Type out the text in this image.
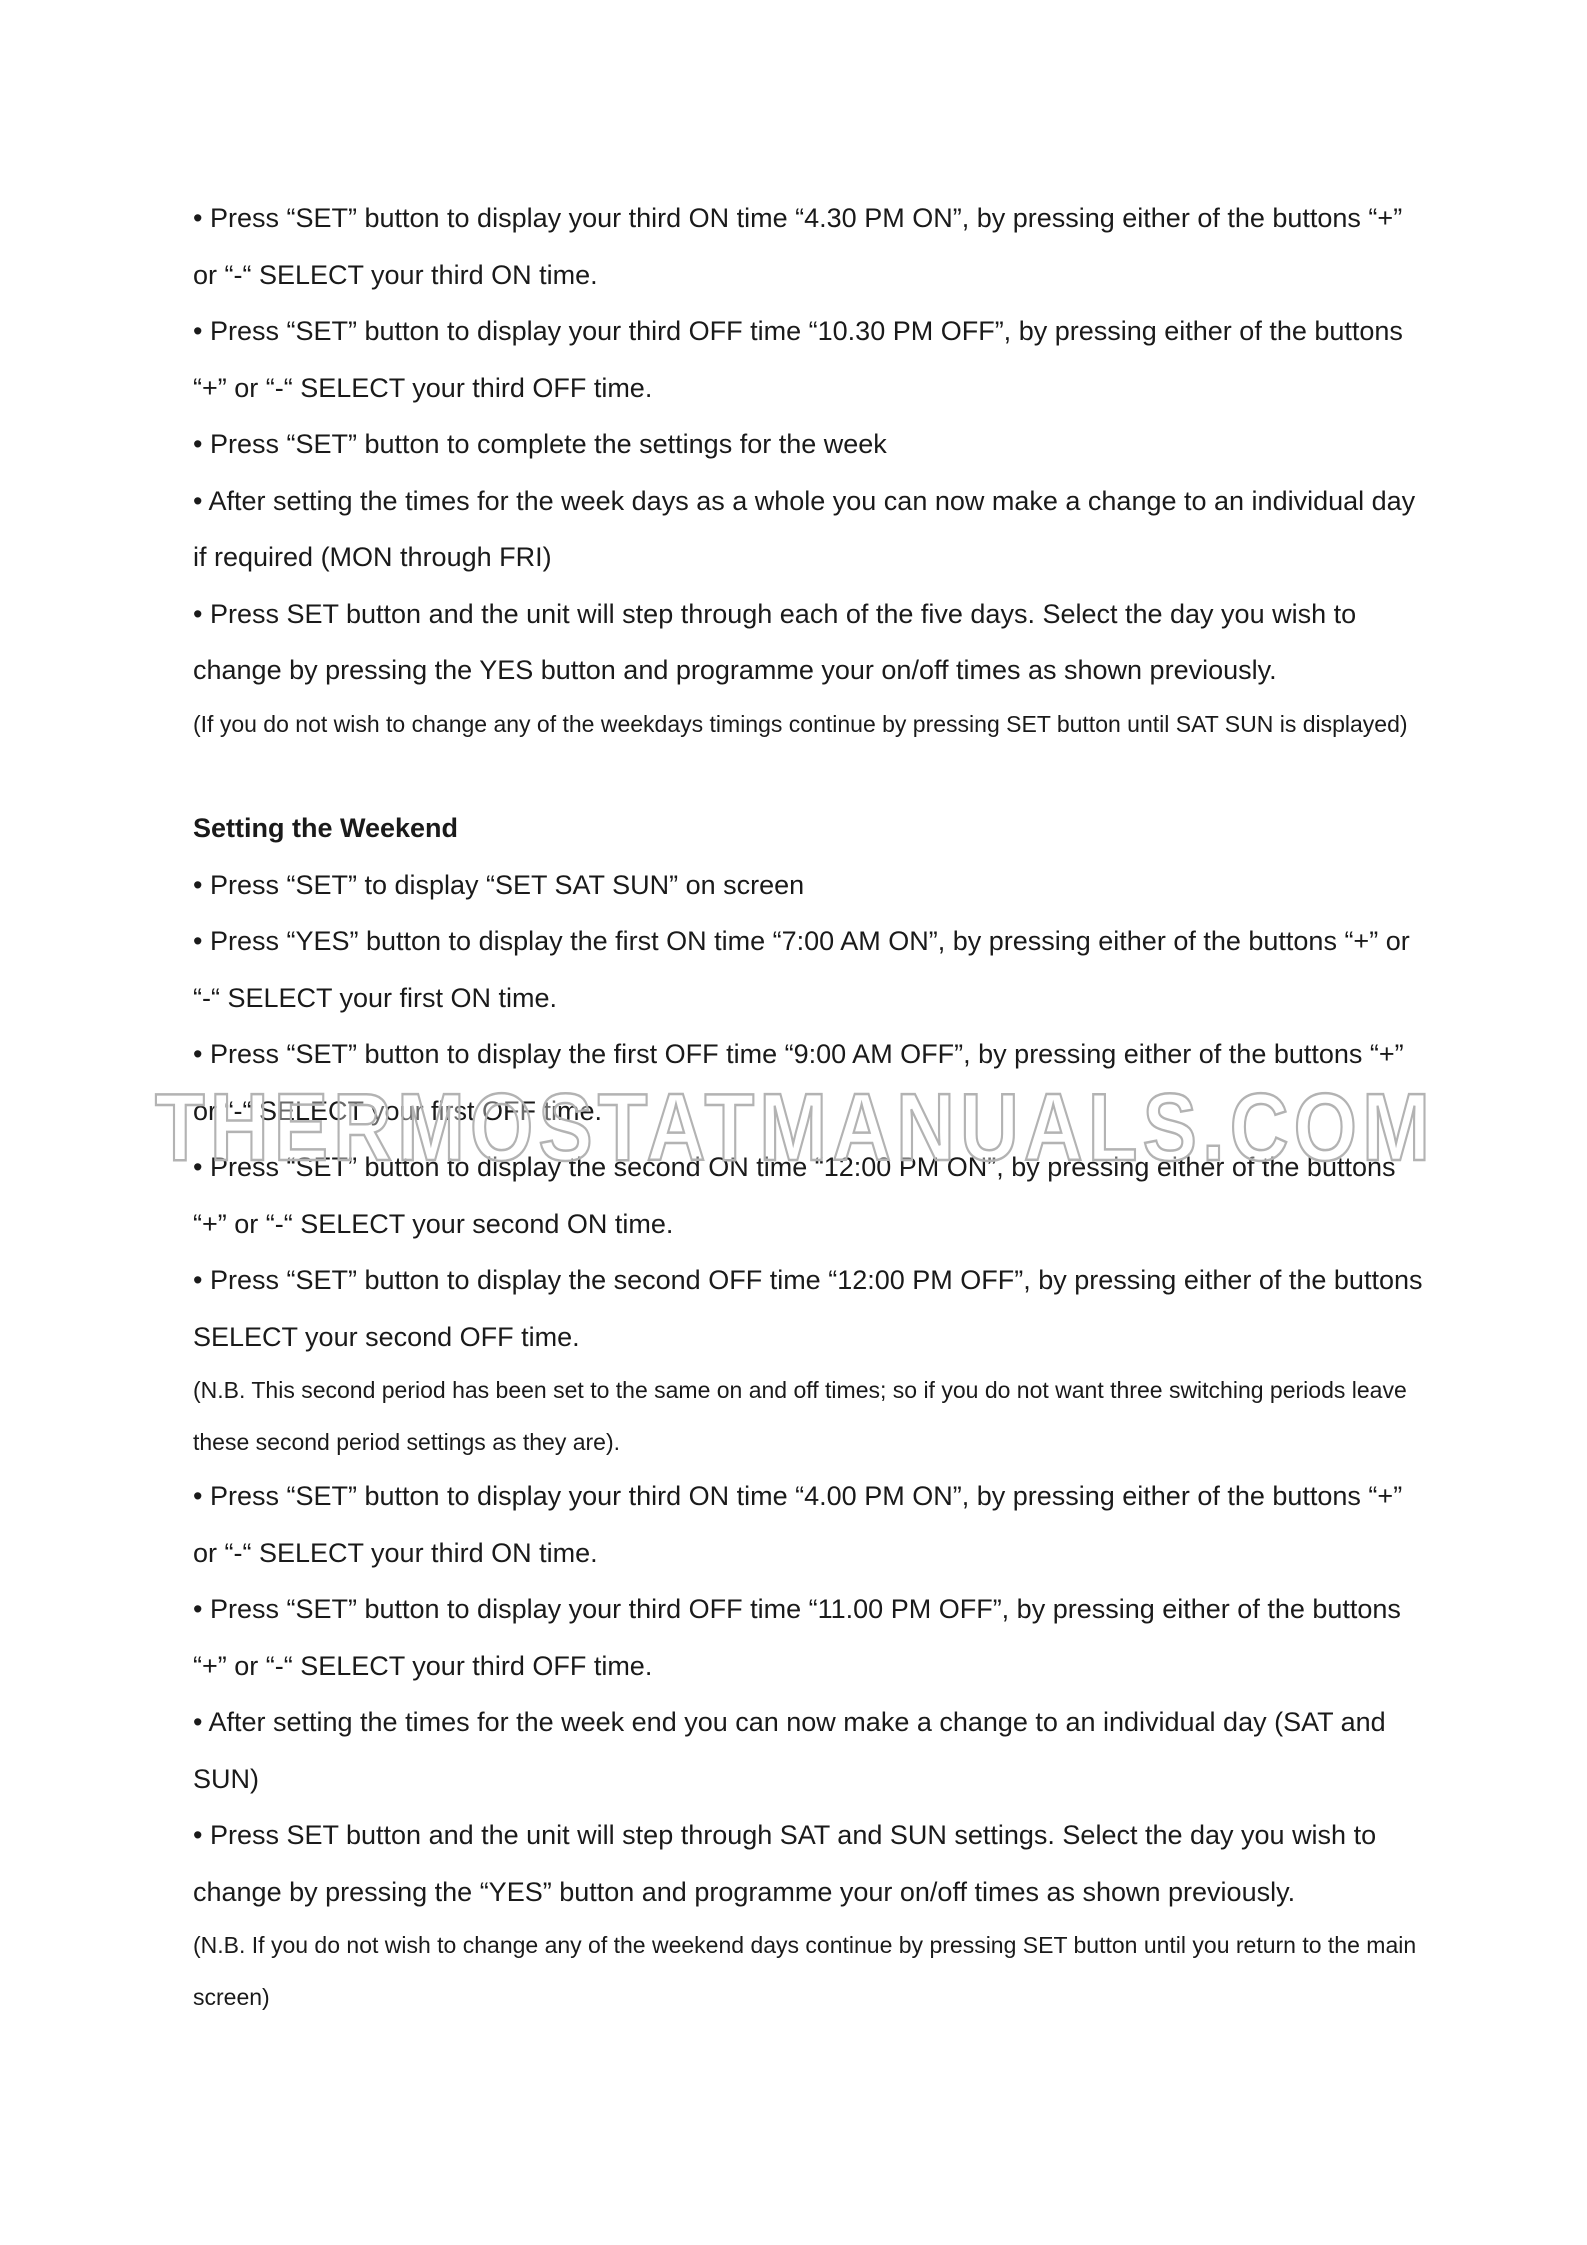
• Press “SET” button to display your third ON time “4.30 PM ON”, by pressing either of the buttons “+” or “-“ SELECT your third ON time.

• Press “SET” button to display your third OFF time “10.30 PM OFF”, by pressing either of the buttons “+” or “-“ SELECT your third OFF time.

• Press “SET” button to complete the settings for the week

• After setting the times for the week days as a whole you can now make a change to an individual day if required (MON through FRI)

• Press SET button and the unit will step through each of the five days. Select the day you wish to change by pressing the YES button and programme your on/off times as shown previously.

(If you do not wish to change any of the weekdays timings continue by pressing SET button until SAT SUN is displayed)

Setting the Weekend

• Press “SET” to display “SET SAT SUN” on screen

• Press “YES” button to display the first ON time “7:00 AM ON”, by pressing either of the buttons “+” or “-“ SELECT your first ON time.

• Press “SET” button to display the first OFF time “9:00 AM OFF”, by pressing either of the buttons “+” or “-“ SELECT your first OFF time.

• Press “SET” button to display the second ON time “12:00 PM ON”, by pressing either of the buttons “+” or “-“ SELECT your second ON time.

• Press “SET” button to display the second OFF time “12:00 PM OFF”, by pressing either of the buttons SELECT your second OFF time.

(N.B. This second period has been set to the same on and off times; so if you do not want three switching periods leave these second period settings as they are).

• Press “SET” button to display your third ON time “4.00 PM ON”, by pressing either of the buttons “+” or “-“ SELECT your third ON time.

• Press “SET” button to display your third OFF time “11.00 PM OFF”, by pressing either of the buttons “+” or “-“ SELECT your third OFF time.

• After setting the times for the week end you can now make a change to an individual day (SAT and SUN)

• Press SET button and the unit will step through SAT and SUN settings. Select the day you wish to change by pressing the “YES” button and programme your on/off times as shown previously.

(N.B. If you do not wish to change any of the weekend days continue by pressing SET button until you return to the main screen)

THERMOSTATMANUALS.COM
